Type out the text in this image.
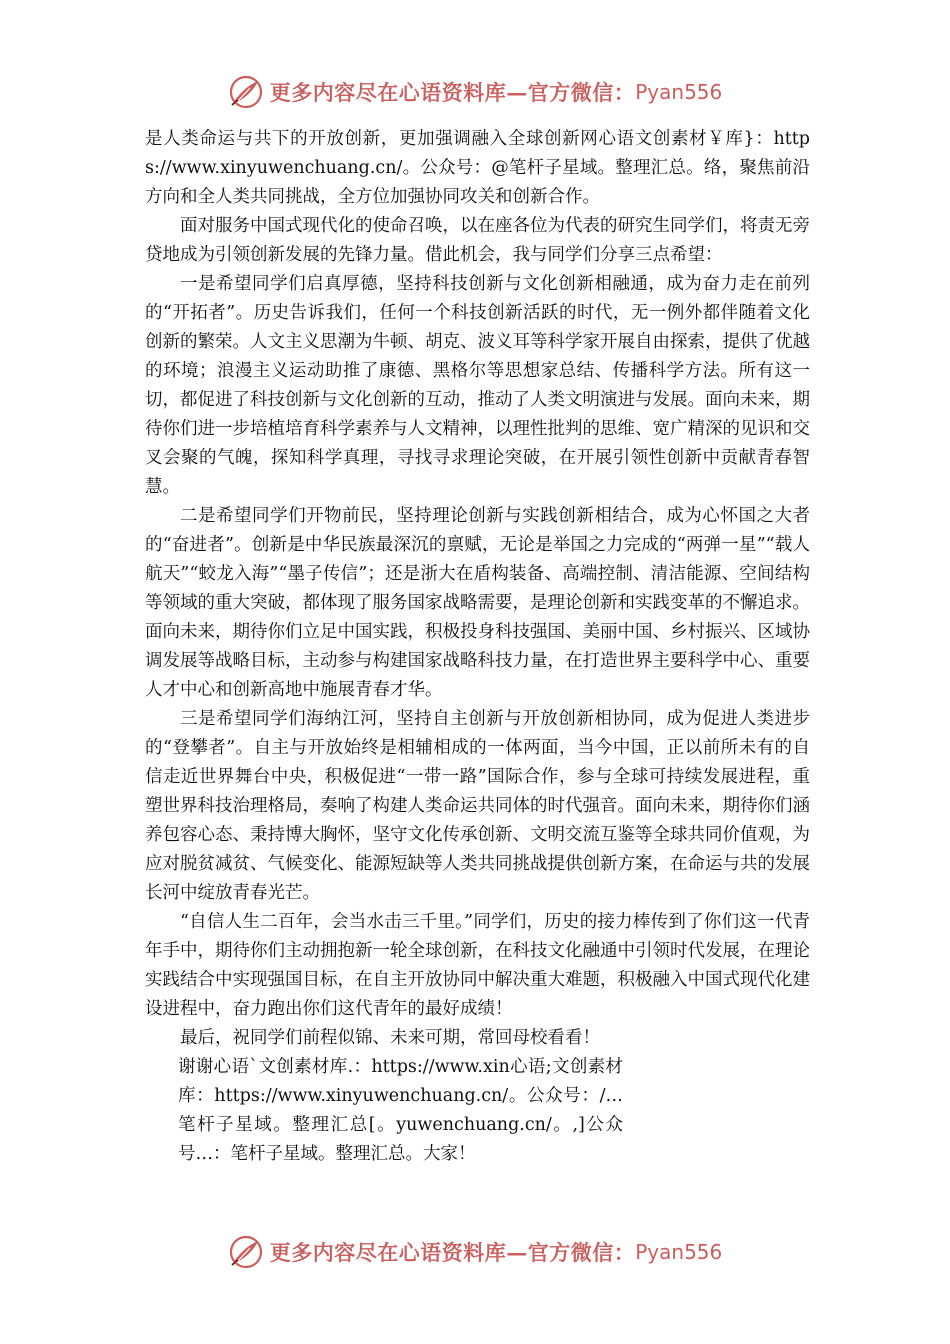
更多内容尽在心语资料库—官方微信： Pyan556

是人类命运与共下的开放创新，更加强调融入全球创新网心语文创素材￥库}：https://www.xinyuwenchuang.cn/。公众号：@笔杆子星域。整理汇总。络，聚焦前沿方向和全人类共同挑战，全方位加强协同攻关和创新合作。

面对服务中国式现代化的使命召唤，以在座各位为代表的研究生同学们，将责无旁贷地成为引领创新发展的先锋力量。借此机会，我与同学们分享三点希望：

一是希望同学们启真厚德，坚持科技创新与文化创新相融通，成为奋力走在前列的“开拓者”。历史告诉我们，任何一个科技创新活跃的时代，无一例外都伴随着文化创新的繁荣。人文主义思潮为牛顿、胡克、波义耳等科学家开展自由探索，提供了优越的环境；浪漫主义运动助推了康德、黑格尔等思想家总结、传播科学方法。所有这一切，都促进了科技创新与文化创新的互动，推动了人类文明演进与发展。面向未来，期待你们进一步培植培育科学素养与人文精神，以理性批判的思维、宽广精深的见识和交叉会聚的气魄，探知科学真理，寻找寻求理论突破，在开展引领性创新中贡献青春智慧。

二是希望同学们开物前民，坚持理论创新与实践创新相结合，成为心怀国之大者的“奋进者”。创新是中华民族最深沉的禀赋，无论是举国之力完成的“两弹一星”“载人航天”“蛟龙入海”“墨子传信”；还是浙大在盾构装备、高端控制、清洁能源、空间结构等领域的重大突破，都体现了服务国家战略需要，是理论创新和实践变革的不懈追求。面向未来，期待你们立足中国实践，积极投身科技强国、美丽中国、乡村振兴、区域协调发展等战略目标，主动参与构建国家战略科技力量，在打造世界主要科学中心、重要人才中心和创新高地中施展青春才华。

三是希望同学们海纳江河，坚持自主创新与开放创新相协同，成为促进人类进步的“登攀者”。自主与开放始终是相辅相成的一体两面，当今中国，正以前所未有的自信走近世界舞台中央，积极促进“一带一路”国际合作，参与全球可持续发展进程，重塑世界科技治理格局，奏响了构建人类命运共同体的时代强音。面向未来，期待你们涵养包容心态、秉持博大胸怀，坚守文化传承创新、文明交流互鉴等全球共同价值观，为应对脱贫减贫、气候变化、能源短缺等人类共同挑战提供创新方案，在命运与共的发展长河中绽放青春光芒。

“自信人生二百年，会当水击三千里。”同学们，历史的接力棒传到了你们这一代青年手中，期待你们主动拥抱新一轮全球创新，在科技文化融通中引领时代发展，在理论实践结合中实现强国目标，在自主开放协同中解决重大难题，积极融入中国式现代化建设进程中，奋力跑出你们这代青年的最好成绩！

最后，祝同学们前程似锦、未来可期，常回母校看看！

谢谢心语`文创素材库.：https://www.xin心语;文创素材库：https://www.xinyuwenchuang.cn/。公众号：/…笔杆子星域。整理汇总[。yuwenchuang.cn/。,]公众号…：笔杆子星域。整理汇总。大家！

更多内容尽在心语资料库—官方微信： Pyan556
